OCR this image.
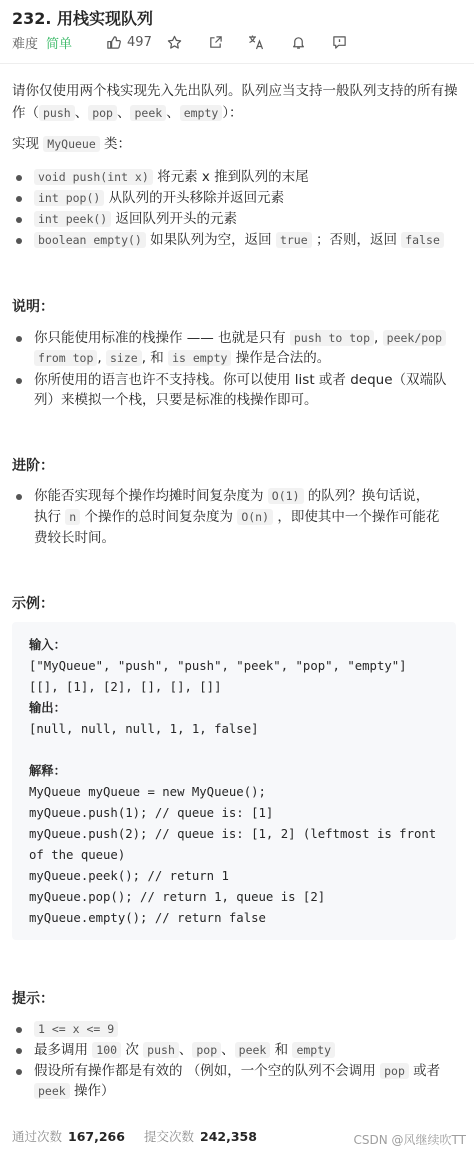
232. 用栈实现队列
难度 简单	497
请你仅使用两个栈实现先入先出队列。队列应当支持一般队列支持的所有操
作（ push 、 pop 、 peek 、 empty ）：
实现 MyQueue 类：
void push(int x) 将元素 x 推到队列的末尾
int pop() 从队列的开头移除并返回元素
int peek() 返回队列开头的元素
boolean empty() 如果队列为空，返回 true ；否则，返回 false
说明：
你只能使用标准的栈操作 —— 也就是只有 push to top , peek/pop
from top , size , 和 is empty 操作是合法的。
你所使用的语言也许不支持栈。你可以使用 list 或者 deque（双端队
列）来模拟一个栈，只要是标准的栈操作即可。
进阶：
你能否实现每个操作均摊时间复杂度为 O(1) 的队列？换句话说，
执行 n 个操作的总时间复杂度为 O(n) ，即使其中一个操作可能花
费较长时间。
示例：
输入：
["MyQueue", "push", "push", "peek", "pop", "empty"]
[[], [1], [2], [], [], []]
输出：
[null, null, null, 1, 1, false]

解释：
MyQueue myQueue = new MyQueue();
myQueue.push(1); // queue is: [1]
myQueue.push(2); // queue is: [1, 2] (leftmost is front
of the queue)
myQueue.peek(); // return 1
myQueue.pop(); // return 1, queue is [2]
myQueue.empty(); // return false
提示：
1 <= x <= 9
最多调用 100 次 push 、 pop 、 peek 和 empty
假设所有操作都是有效的 （例如，一个空的队列不会调用 pop 或者
peek 操作）
通过次数 167,266 提交次数 242,358	CSDN @风继续吹TT
